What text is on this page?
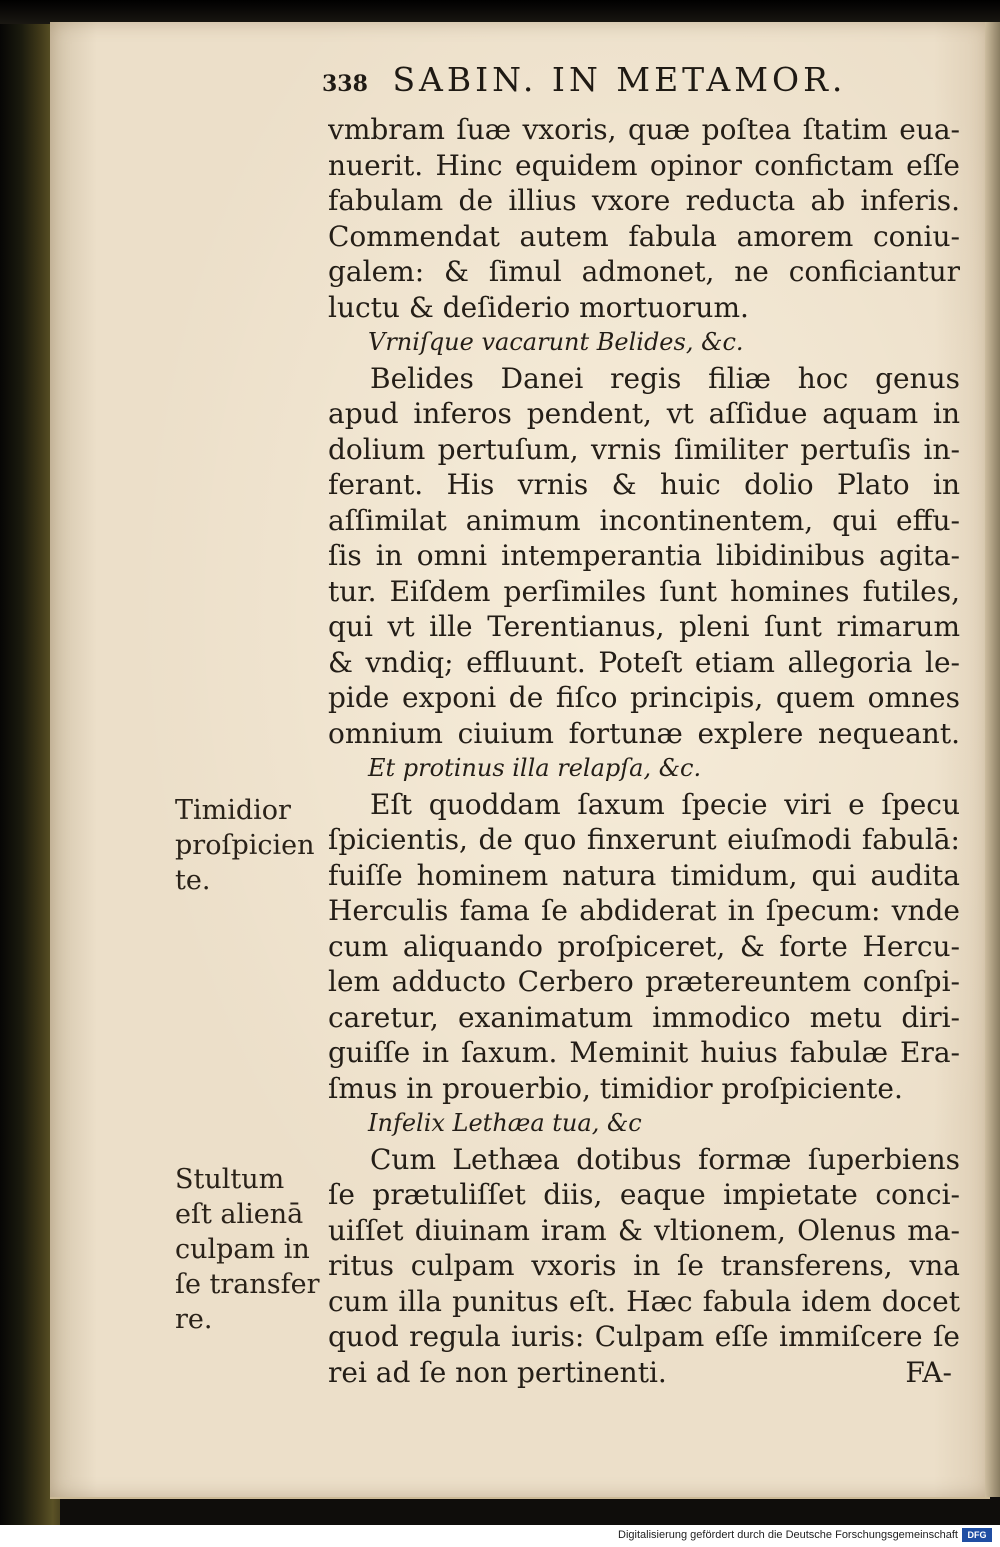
338 SABIN. IN METAMOR.
vmbram ſuæ vxoris, quæ poſtea ſtatim eua-
nuerit. Hinc equidem opinor confictam eſſe
fabulam de illius vxore reducta ab inferis.
Commendat autem fabula amorem coniu-
galem: & ſimul admonet, ne conficiantur
luctu & deſiderio mortuorum.
Vrniſque vacarunt Belides, &c.
Belides Danei regis filiæ hoc genus
apud inferos pendent, vt aſſidue aquam in
dolium pertuſum, vrnis ſimiliter pertuſis in-
ferant. His vrnis & huic dolio Plato in
aſſimilat animum incontinentem, qui effu-
ſis in omni intemperantia libidinibus agita-
tur. Eiſdem perſimiles ſunt homines futiles,
qui vt ille Terentianus, pleni ſunt rimarum
& vndiq; effluunt. Poteſt etiam allegoria le-
pide exponi de fiſco principis, quem omnes
omnium ciuium fortunæ explere nequeant.
Et protinus illa relapſa, &c.
Eſt quoddam ſaxum ſpecie viri e ſpecu
ſpicientis, de quo finxerunt eiuſmodi fabulā:
fuiſſe hominem natura timidum, qui audita
Herculis fama ſe abdiderat in ſpecum: vnde
cum aliquando proſpiceret, & forte Hercu-
lem adducto Cerbero prætereuntem conſpi-
caretur, exanimatum immodico metu diri-
guiſſe in ſaxum. Meminit huius fabulæ Era-
ſmus in prouerbio, timidior proſpiciente.
Infelix Lethæa tua, &c
Cum Lethæa dotibus formæ ſuperbiens
ſe prætuliſſet diis, eaque impietate conci-
uiſſet diuinam iram & vltionem, Olenus ma-
ritus culpam vxoris in ſe transferens, vna
cum illa punitus eſt. Hæc fabula idem docet
quod regula iuris: Culpam eſſe immiſcere ſe
rei ad ſe non pertinenti.	FA-
Timidior
proſpicien
te.
Stultum
eſt alienā
culpam in
ſe transfer
re.
Digitalisierung gefördert durch die Deutsche Forschungsgemeinschaft	DFG
